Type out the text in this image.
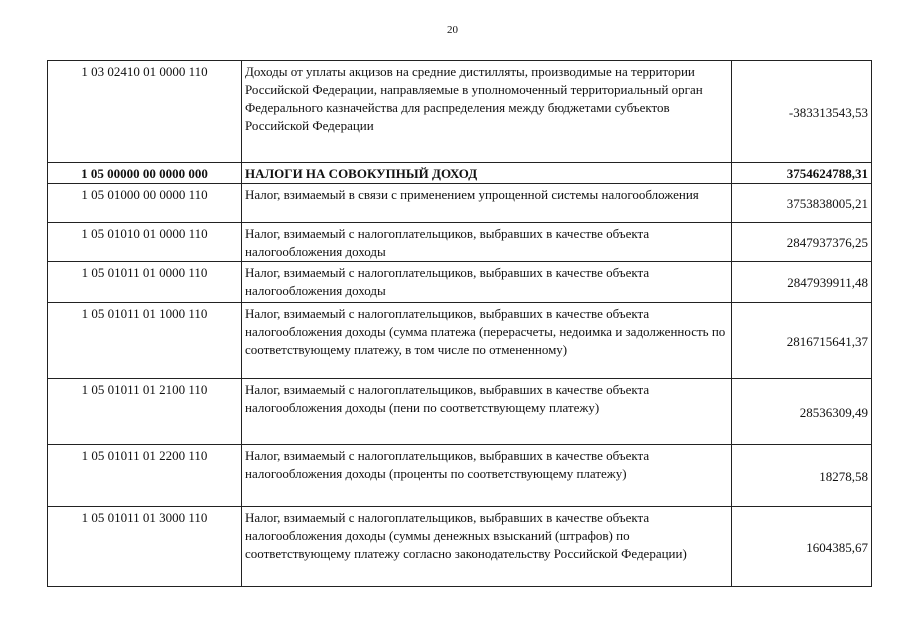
20
1 03 02410 01 0000 110	Доходы от уплаты акцизов на средние дистилляты, производимые на территории Российской Федерации, направляемые в уполномоченный территориальный орган Федерального казначейства для распределения между бюджетами субъектов Российской Федерации	-383313543,53
1 05 00000 00 0000 000	НАЛОГИ НА СОВОКУПНЫЙ ДОХОД	3754624788,31
1 05 01000 00 0000 110	Налог, взимаемый в связи с применением упрощенной системы налогообложения	3753838005,21
1 05 01010 01 0000 110	Налог, взимаемый с налогоплательщиков, выбравших в качестве объекта налогообложения доходы	2847937376,25
1 05 01011 01 0000 110	Налог, взимаемый с налогоплательщиков, выбравших в качестве объекта налогообложения доходы	2847939911,48
1 05 01011 01 1000 110	Налог, взимаемый с налогоплательщиков, выбравших в качестве объекта налогообложения доходы (сумма платежа (перерасчеты, недоимка и задолженность по соответствующему платежу, в том числе по отмененному)	2816715641,37
1 05 01011 01 2100 110	Налог, взимаемый с налогоплательщиков, выбравших в качестве объекта налогообложения доходы (пени по соответствующему платежу)	28536309,49
1 05 01011 01 2200 110	Налог, взимаемый с налогоплательщиков, выбравших в качестве объекта налогообложения доходы (проценты по соответствующему платежу)	18278,58
1 05 01011 01 3000 110	Налог, взимаемый с налогоплательщиков, выбравших в качестве объекта налогообложения доходы (суммы денежных взысканий (штрафов) по соответствующему платежу согласно законодательству Российской Федерации)	1604385,67
